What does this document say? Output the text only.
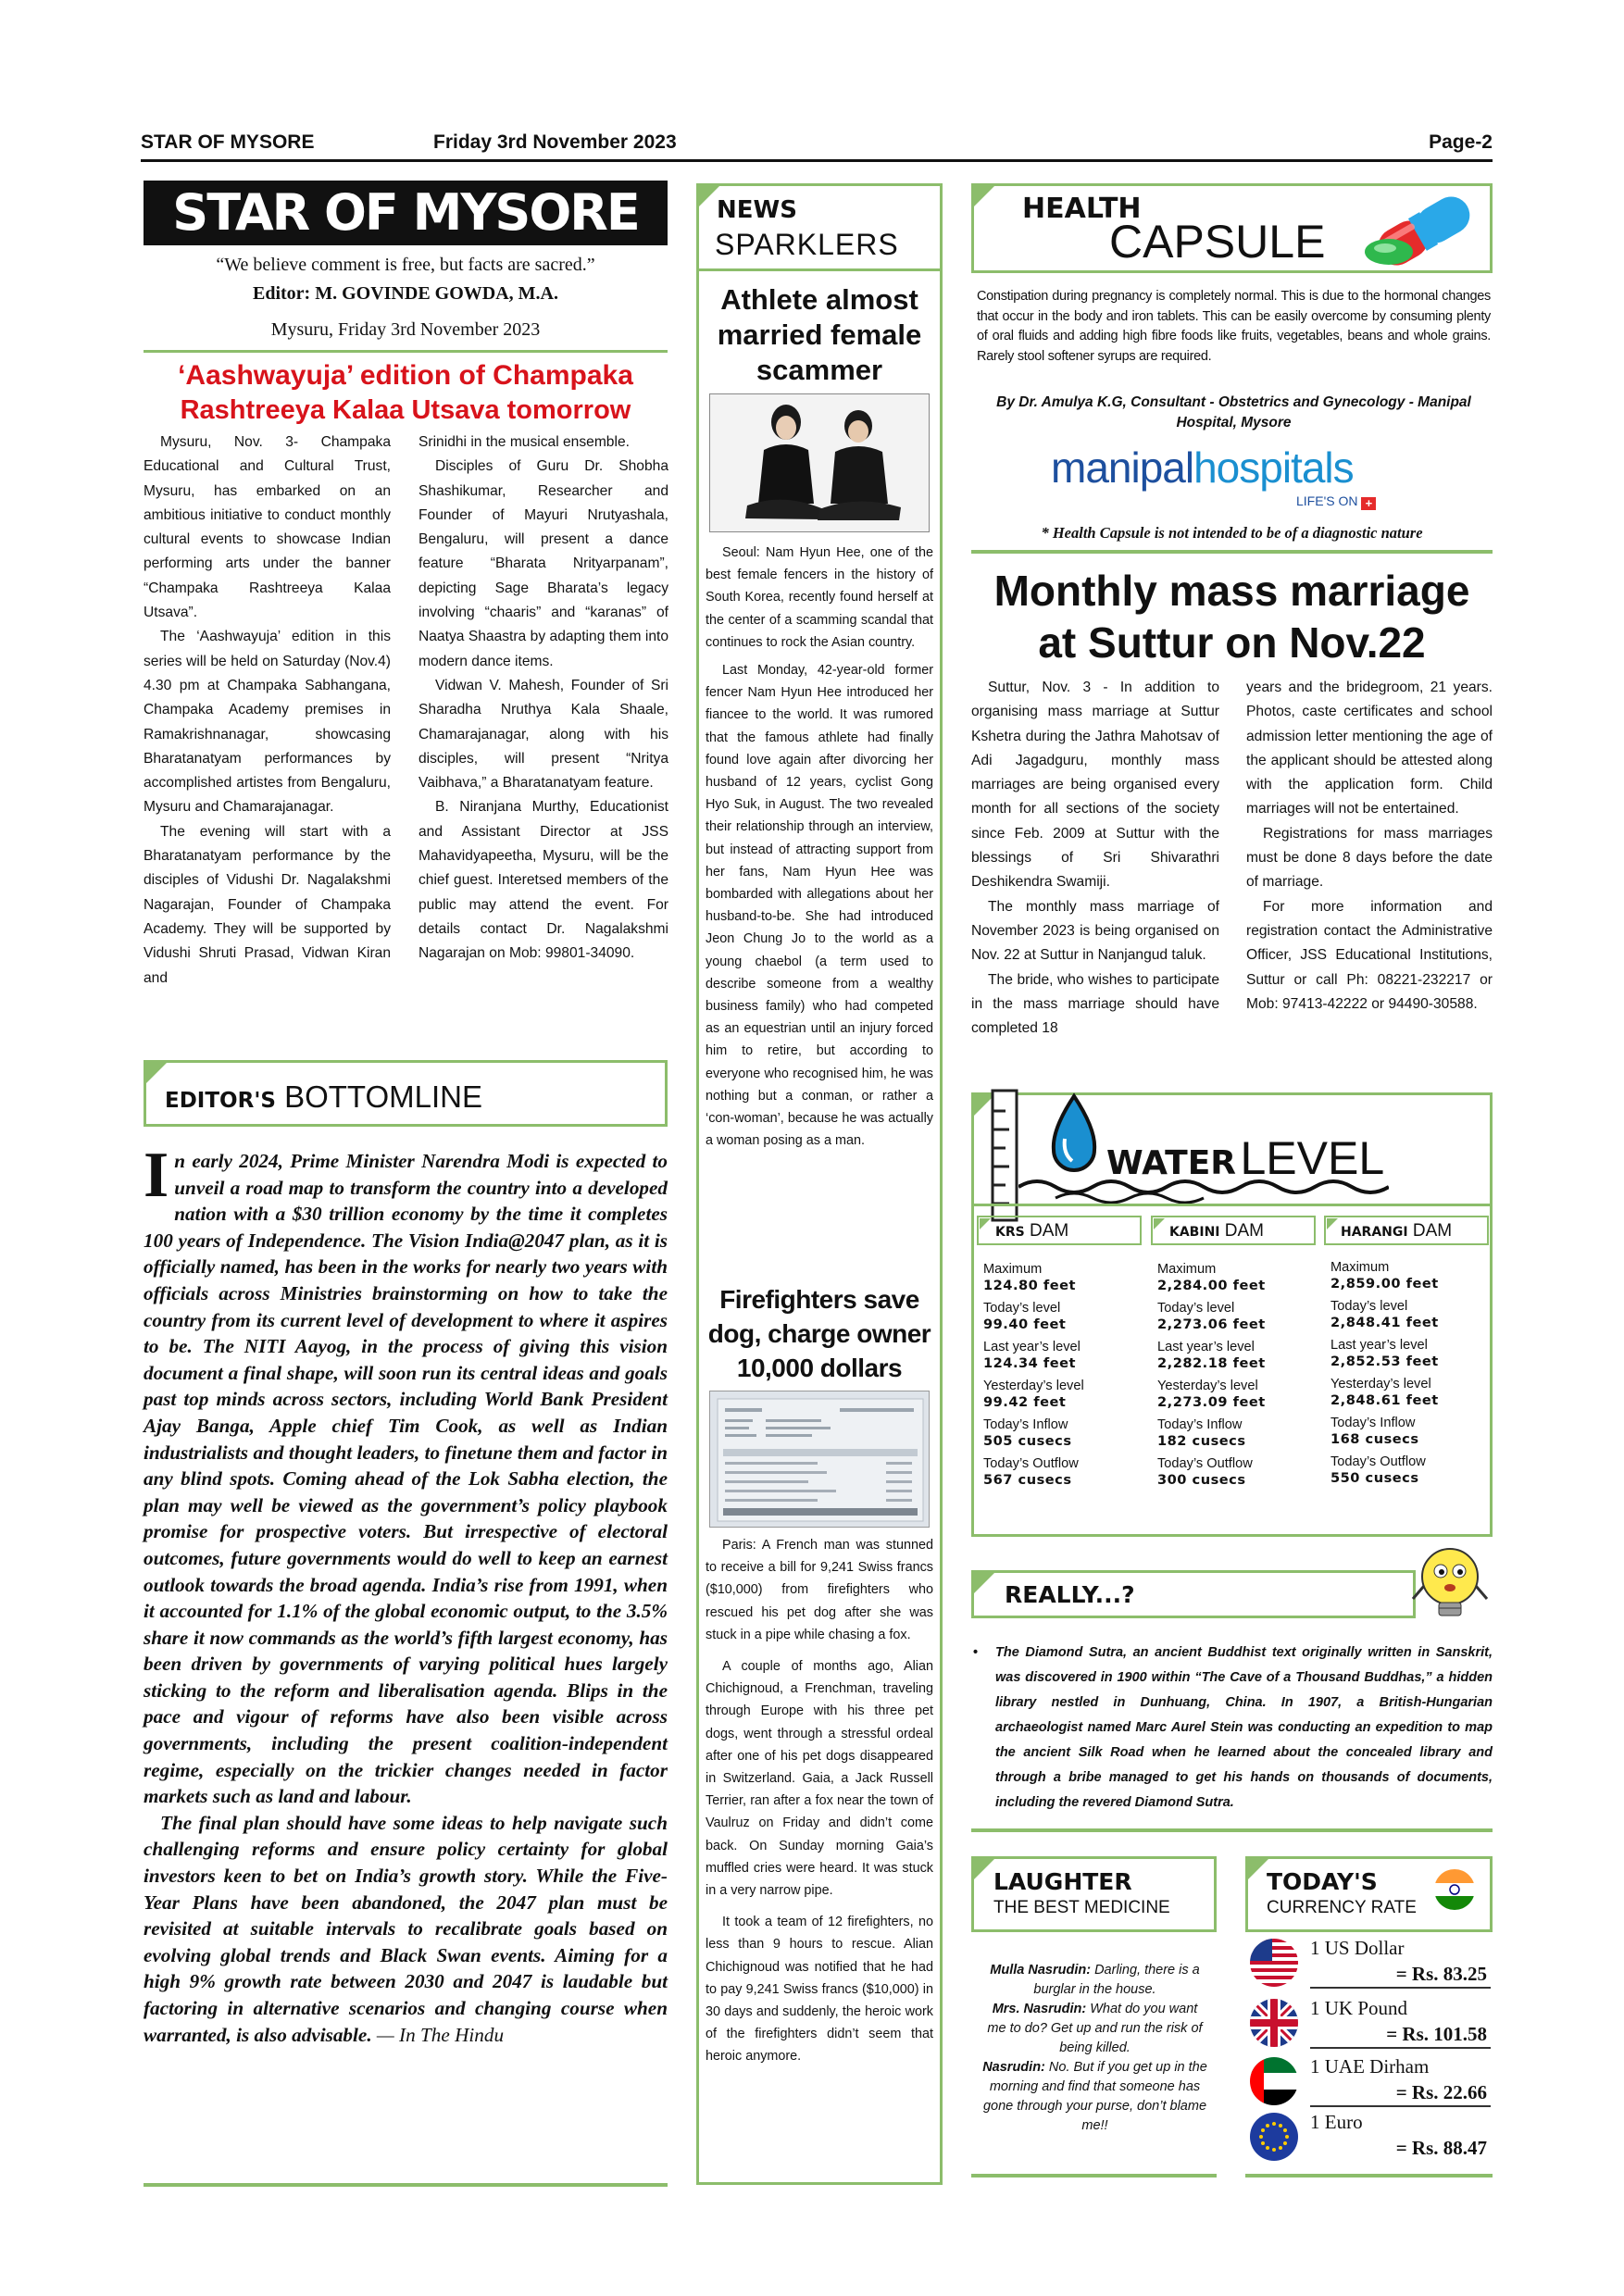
STAR OF MYSORE	Friday 3rd November 2023	Page-2
STAR OF MYSORE
“We believe comment is free, but facts are sacred.”
Editor: M. GOVINDE GOWDA, M.A.
Mysuru, Friday 3rd November 2023
‘Aashwayuja’ edition of Champaka
Rashtreeya Kalaa Utsava tomorrow

Mysuru, Nov. 3- Champaka Educational and Cultural Trust, Mysuru, has embarked on an ambitious initiative to conduct monthly cultural events to showcase Indian performing arts under the banner “Champaka Rashtreeya Kalaa Utsava”.

The ‘Aashwayuja’ edition in this series will be held on Saturday (Nov.4) 4.30 pm at Champaka Sabhangana, Champaka Academy premises in Ramakrishnanagar, showcasing Bharatanatyam performances by accomplished artistes from Bengaluru, Mysuru and Chamarajanagar.

The evening will start with a Bharatanatyam performance by the disciples of Vidushi Dr. Nagalakshmi Nagarajan, Founder of Champaka Academy. They will be supported by Vidushi Shruti Prasad, Vidwan Kiran and

Srinidhi in the musical ensemble.

Disciples of Guru Dr. Shobha Shashikumar, Researcher and Founder of Mayuri Nrutyashala, Bengaluru, will present a dance feature “Bharata Nrityarpanam”, depicting Sage Bharata’s legacy involving “chaaris” and “karanas” of Naatya Shaastra by adapting them into modern dance items.

Vidwan V. Mahesh, Founder of Sri Sharadha Nruthya Kala Shaale, Chamarajanagar, along with his disciples, will present “Nritya Vaibhava,” a Bharatanatyam feature.

B. Niranjana Murthy, Educationist and Assistant Director at JSS Mahavidyapeetha, Mysuru, will be the chief guest. Interetsed members of the public may attend the event. For details contact Dr. Nagalakshmi Nagarajan on Mob: 99801-34090.

EDITOR'S BOTTOMLINE

In early 2024, Prime Minister Narendra Modi is expected to unveil a road map to transform the country into a developed nation with a $30 trillion economy by the time it completes 100 years of Independence. The Vision India@2047 plan, as it is officially named, has been in the works for nearly two years with officials across Ministries brainstorming on how to take the country from its current level of development to where it aspires to be. The NITI Aayog, in the process of giving this vision document a final shape, will soon run its central ideas and goals past top minds across sectors, including World Bank President Ajay Banga, Apple chief Tim Cook, as well as Indian industrialists and thought leaders, to finetune them and factor in any blind spots. Coming ahead of the Lok Sabha election, the plan may well be viewed as the government’s policy playbook promise for prospective voters. But irrespective of electoral outcomes, future governments would do well to keep an earnest outlook towards the broad agenda. India’s rise from 1991, when it accounted for 1.1% of the global economic output, to the 3.5% share it now commands as the world’s fifth largest economy, has been driven by governments of varying political hues largely sticking to the reform and liberalisation agenda. Blips in the pace and vigour of reforms have also been visible across governments, including the present coalition-independent regime, especially on the trickier changes needed in factor markets such as land and labour.

The final plan should have some ideas to help navigate such challenging reforms and ensure policy certainty for global investors keen to bet on India’s growth story. While the Five-Year Plans have been abandoned, the 2047 plan must be revisited at suitable intervals to recalibrate goals based on evolving global trends and Black Swan events. Aiming for a high 9% growth rate between 2030 and 2047 is laudable but factoring in alternative scenarios and changing course when warranted, is also advisable. — In The Hindu

NEWS
SPARKLERS
Athlete almost married female scammer

Seoul: Nam Hyun Hee, one of the best female fencers in the history of South Korea, recently found herself at the center of a scamming scandal that continues to rock the Asian country.

Last Monday, 42-year-old former fencer Nam Hyun Hee introduced her fiancee to the world. It was rumored that the famous athlete had finally found love again after divorcing her husband of 12 years, cyclist Gong Hyo Suk, in August. The two revealed their relationship through an interview, but instead of attracting support from her fans, Nam Hyun Hee was bombarded with allegations about her husband-to-be. She had introduced Jeon Chung Jo to the world as a young chaebol (a term used to describe someone from a wealthy business family) who had competed as an equestrian until an injury forced him to retire, but according to everyone who recognised him, he was nothing but a conman, or rather a ‘con-woman’, because he was actually a woman posing as a man.

Firefighters save dog, charge owner 10,000 dollars

Paris: A French man was stunned to receive a bill for 9,241 Swiss francs ($10,000) from firefighters who rescued his pet dog after she was stuck in a pipe while chasing a fox.

A couple of months ago, Alian Chichignoud, a Frenchman, traveling through Europe with his three pet dogs, went through a stressful ordeal after one of his pet dogs disappeared in Switzerland. Gaia, a Jack Russell Terrier, ran after a fox near the town of Vaulruz on Friday and didn’t come back. On Sunday morning Gaia’s muffled cries were heard. It was stuck in a very narrow pipe.

It took a team of 12 firefighters, no less than 9 hours to rescue. Alian Chichignoud was notified that he had to pay 9,241 Swiss francs ($10,000) in 30 days and suddenly, the heroic work of the firefighters didn’t seem that heroic anymore.

HEALTH
CAPSULE
Constipation during pregnancy is completely normal. This is due to the hormonal changes that occur in the body and iron tablets. This can be easily overcome by consuming plenty of oral fluids and adding high fibre foods like fruits, vegetables, beans and whole grains. Rarely stool softener syrups are required.
By Dr. Amulya K.G, Consultant - Obstetrics and Gynecology - Manipal Hospital, Mysore
manipalhospitals
LIFE'S ON +
* Health Capsule is not intended to be of a diagnostic nature
Monthly mass marriage
at Suttur on Nov.22

Suttur, Nov. 3 - In addition to organising mass marriage at Suttur Kshetra during the Jathra Mahotsav of Adi Jagadguru, monthly mass marriages are being organised every month for all sections of the society since Feb. 2009 at Suttur with the blessings of Sri Shivarathri Deshikendra Swamiji.

The monthly mass marriage of November 2023 is being organised on Nov. 22 at Suttur in Nanjangud taluk.

The bride, who wishes to participate in the mass marriage should have completed 18

years and the bridegroom, 21 years. Photos, caste certificates and school admission letter mentioning the age of the applicant should be attested along with the application form. Child marriages will not be entertained.

Registrations for mass marriages must be done 8 days before the date of marriage.

For more information and registration contact the Administrative Officer, JSS Educational Institutions, Suttur or call Ph: 08221-232217 or Mob: 97413-42222 or 94490-30588.

WATER LEVEL
KRS DAM
Maximum
124.80 feet
Today’s level
99.40 feet
Last year’s level
124.34 feet
Yesterday’s level
99.42 feet
Today’s Inflow
505 cusecs
Today’s Outflow
567 cusecs
KABINI DAM
Maximum
2,284.00 feet
Today’s level
2,273.06 feet
Last year’s level
2,282.18 feet
Yesterday’s level
2,273.09 feet
Today’s Inflow
182 cusecs
Today’s Outflow
300 cusecs
HARANGI DAM
Maximum
2,859.00 feet
Today’s level
2,848.41 feet
Last year’s level
2,852.53 feet
Yesterday’s level
2,848.61 feet
Today’s Inflow
168 cusecs
Today’s Outflow
550 cusecs
REALLY...?
• The Diamond Sutra, an ancient Buddhist text originally written in Sanskrit, was discovered in 1900 within “The Cave of a Thousand Buddhas,” a hidden library nestled in Dunhuang, China. In 1907, a British-Hungarian archaeologist named Marc Aurel Stein was conducting an expedition to map the ancient Silk Road when he learned about the concealed library and through a bribe managed to get his hands on thousands of documents, including the revered Diamond Sutra.
LAUGHTER
THE BEST MEDICINE

Mulla Nasrudin: Darling, there is a burglar in the house.

Mrs. Nasrudin: What do you want me to do? Get up and run the risk of being killed.

Nasrudin: No. But if you get up in the morning and find that someone has gone through your purse, don’t blame me!!

TODAY'S
CURRENCY RATE
1 US Dollar
= Rs. 83.25
1 UK Pound
= Rs. 101.58
1 UAE Dirham
= Rs. 22.66
1 Euro
= Rs. 88.47
